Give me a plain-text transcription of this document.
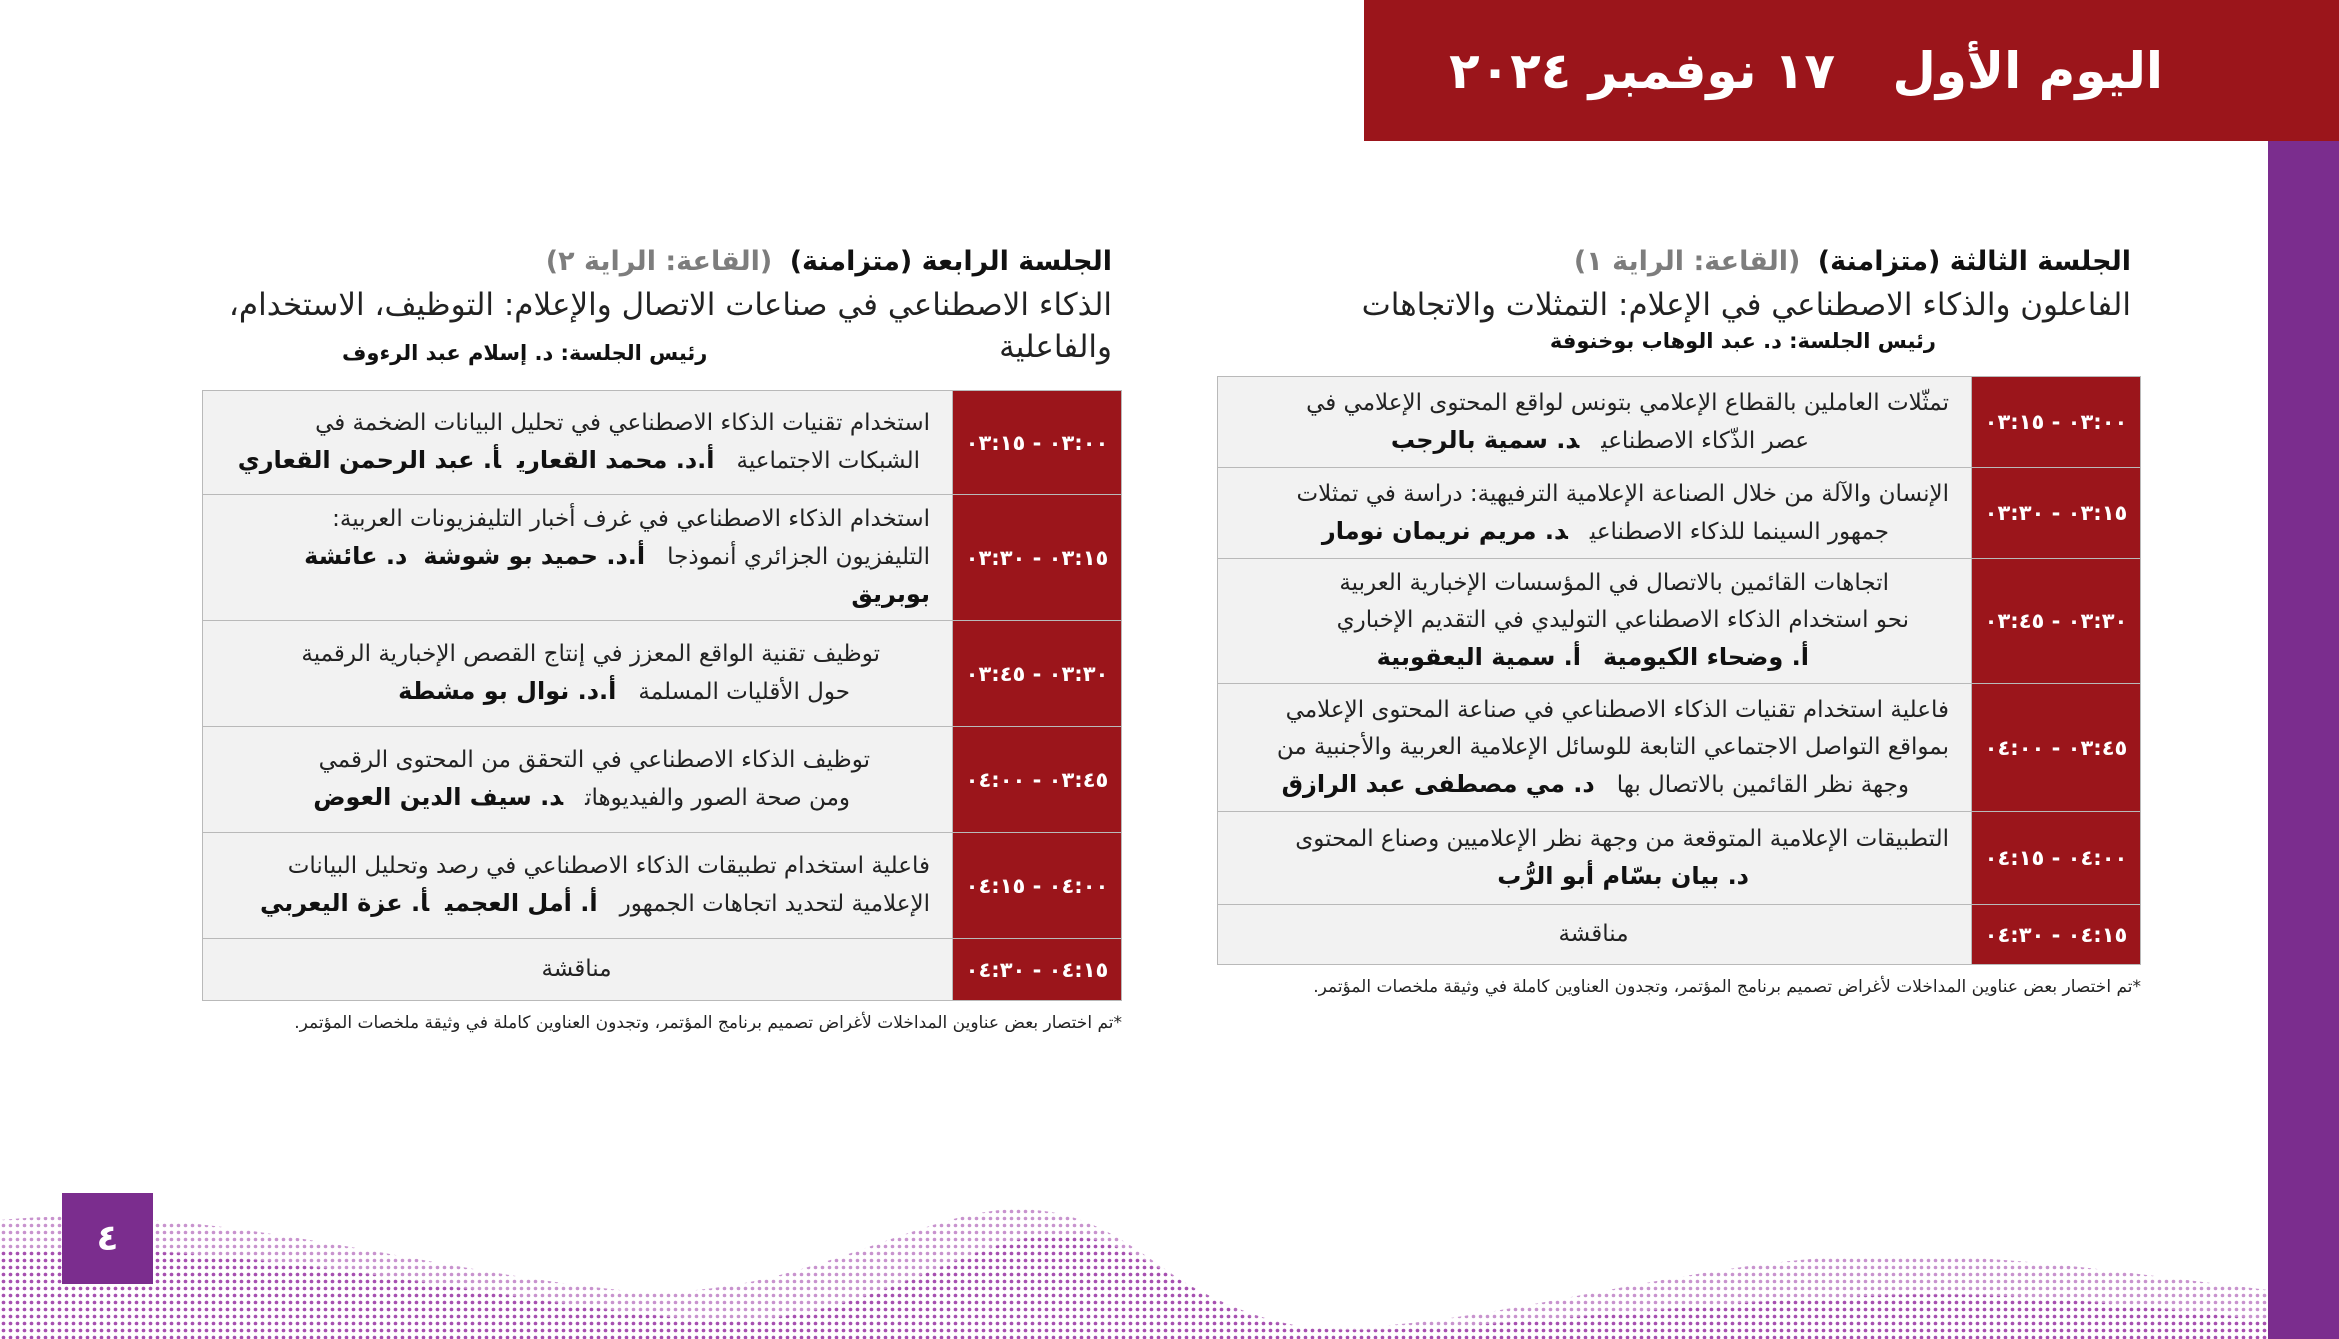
اليوم الأول ١٧ نوفمبر ٢٠٢٤
الجلسة الثالثة (متزامنة) (القاعة: الراية ١)
الفاعلون والذكاء الاصطناعي في الإعلام: التمثلات والاتجاهات
رئيس الجلسة: د. عبد الوهاب بوخنوفة
٠٣:٠٠ - ٠٣:١٥	تمثّلات العاملين بالقطاع الإعلامي بتونس لواقع المحتوى الإعلامي في
عصر الذّكاء الاصطناعيد. سمية بالرجب

٠٣:١٥ - ٠٣:٣٠	الإنسان والآلة من خلال الصناعة الإعلامية الترفيهية: دراسة في تمثلات
جمهور السينما للذكاء الاصطناعيد. مريم نريمان نومار

٠٣:٣٠ - ٠٣:٤٥	اتجاهات القائمين بالاتصال في المؤسسات الإخبارية العربية
نحو استخدام الذكاء الاصطناعي التوليدي في التقديم الإخباري
أ. وضحاء الكيوميةأ. سمية اليعقوبية

٠٣:٤٥ - ٠٤:٠٠	فاعلية استخدام تقنيات الذكاء الاصطناعي في صناعة المحتوى الإعلامي
بمواقع التواصل الاجتماعي التابعة للوسائل الإعلامية العربية والأجنبية من
وجهة نظر القائمين بالاتصال بهاد. مي مصطفى عبد الرازق

٠٤:٠٠ - ٠٤:١٥	التطبيقات الإعلامية المتوقعة من وجهة نظر الإعلاميين وصناع المحتوى
د. بيان بسّام أبو الرُّب

٠٤:١٥ - ٠٤:٣٠	مناقشة
*تم اختصار بعض عناوين المداخلات لأغراض تصميم برنامج المؤتمر، وتجدون العناوين كاملة في وثيقة ملخصات المؤتمر.
الجلسة الرابعة (متزامنة) (القاعة: الراية ٢)
الذكاء الاصطناعي في صناعات الاتصال والإعلام: التوظيف، الاستخدام، والفاعلية
رئيس الجلسة: د. إسلام عبد الرءوف
٠٣:٠٠ - ٠٣:١٥	استخدام تقنيات الذكاء الاصطناعي في تحليل البيانات الضخمة في
الشبكات الاجتماعيةأ.د. محمد القعاريأ. عبد الرحمن القعاري

٠٣:١٥ - ٠٣:٣٠	استخدام الذكاء الاصطناعي في غرف أخبار التليفزيونات العربية:
التليفزيون الجزائري أنموذجاأ.د. حميد بو شوشةد. عائشة بوبريق

٠٣:٣٠ - ٠٣:٤٥	توظيف تقنية الواقع المعزز في إنتاج القصص الإخبارية الرقمية
حول الأقليات المسلمةأ.د. نوال بو مشطة

٠٣:٤٥ - ٠٤:٠٠	توظيف الذكاء الاصطناعي في التحقق من المحتوى الرقمي
ومن صحة الصور والفيديوهاتد. سيف الدين العوض

٠٤:٠٠ - ٠٤:١٥	فاعلية استخدام تطبيقات الذكاء الاصطناعي في رصد وتحليل البيانات
الإعلامية لتحديد اتجاهات الجمهورأ. أمل العجميأ. عزة اليعربي

٠٤:١٥ - ٠٤:٣٠	مناقشة
*تم اختصار بعض عناوين المداخلات لأغراض تصميم برنامج المؤتمر، وتجدون العناوين كاملة في وثيقة ملخصات المؤتمر.
٤
